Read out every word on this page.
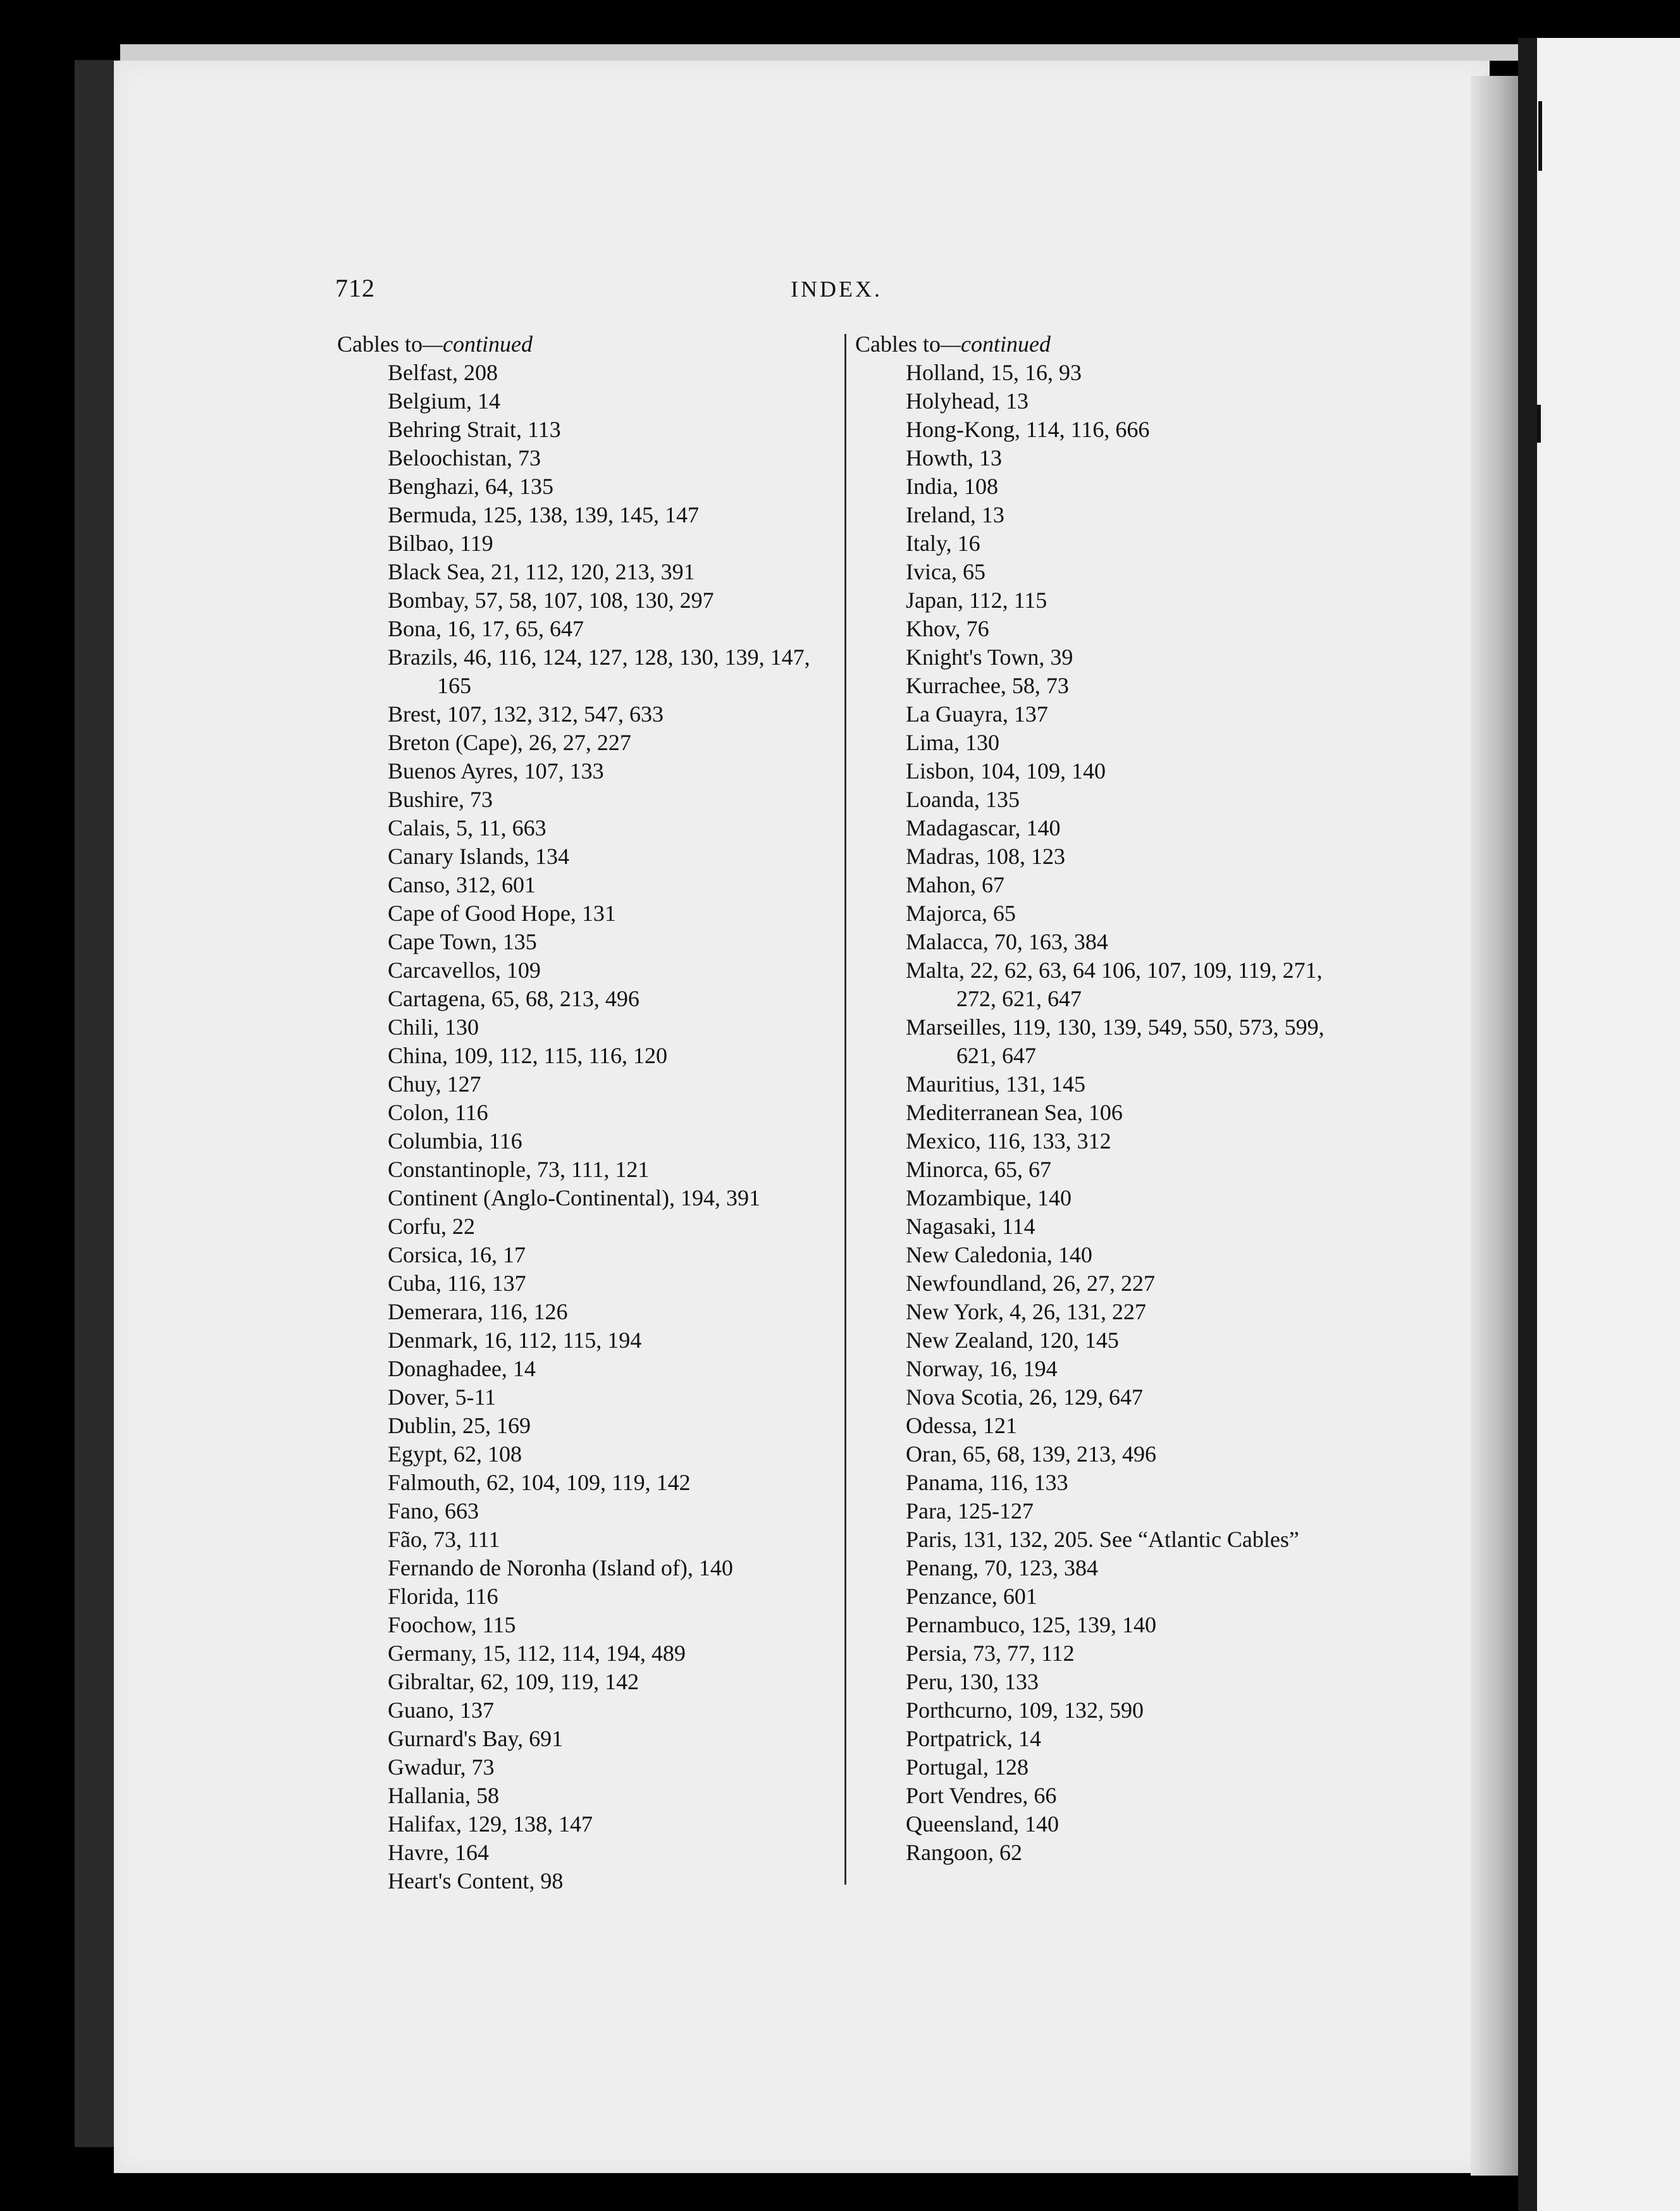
712	INDEX.
Cables to—continued
Belfast, 208
Belgium, 14
Behring Strait, 113
Beloochistan, 73
Benghazi, 64, 135
Bermuda, 125, 138, 139, 145, 147
Bilbao, 119
Black Sea, 21, 112, 120, 213, 391
Bombay, 57, 58, 107, 108, 130, 297
Bona, 16, 17, 65, 647
Brazils, 46, 116, 124, 127, 128, 130, 139, 147, 165
Brest, 107, 132, 312, 547, 633
Breton (Cape), 26, 27, 227
Buenos Ayres, 107, 133
Bushire, 73
Calais, 5, 11, 663
Canary Islands, 134
Canso, 312, 601
Cape of Good Hope, 131
Cape Town, 135
Carcavellos, 109
Cartagena, 65, 68, 213, 496
Chili, 130
China, 109, 112, 115, 116, 120
Chuy, 127
Colon, 116
Columbia, 116
Constantinople, 73, 111, 121
Continent (Anglo-Continental), 194, 391
Corfu, 22
Corsica, 16, 17
Cuba, 116, 137
Demerara, 116, 126
Denmark, 16, 112, 115, 194
Donaghadee, 14
Dover, 5-11
Dublin, 25, 169
Egypt, 62, 108
Falmouth, 62, 104, 109, 119, 142
Fano, 663
Fão, 73, 111
Fernando de Noronha (Island of), 140
Florida, 116
Foochow, 115
Germany, 15, 112, 114, 194, 489
Gibraltar, 62, 109, 119, 142
Guano, 137
Gurnard's Bay, 691
Gwadur, 73
Hallania, 58
Halifax, 129, 138, 147
Havre, 164
Heart's Content, 98
Cables to—continued
Holland, 15, 16, 93
Holyhead, 13
Hong-Kong, 114, 116, 666
Howth, 13
India, 108
Ireland, 13
Italy, 16
Ivica, 65
Japan, 112, 115
Khov, 76
Knight's Town, 39
Kurrachee, 58, 73
La Guayra, 137
Lima, 130
Lisbon, 104, 109, 140
Loanda, 135
Madagascar, 140
Madras, 108, 123
Mahon, 67
Majorca, 65
Malacca, 70, 163, 384
Malta, 22, 62, 63, 64 106, 107, 109, 119, 271, 272, 621, 647
Marseilles, 119, 130, 139, 549, 550, 573, 599, 621, 647
Mauritius, 131, 145
Mediterranean Sea, 106
Mexico, 116, 133, 312
Minorca, 65, 67
Mozambique, 140
Nagasaki, 114
New Caledonia, 140
Newfoundland, 26, 27, 227
New York, 4, 26, 131, 227
New Zealand, 120, 145
Norway, 16, 194
Nova Scotia, 26, 129, 647
Odessa, 121
Oran, 65, 68, 139, 213, 496
Panama, 116, 133
Para, 125-127
Paris, 131, 132, 205. See “Atlantic Cables”
Penang, 70, 123, 384
Penzance, 601
Pernambuco, 125, 139, 140
Persia, 73, 77, 112
Peru, 130, 133
Porthcurno, 109, 132, 590
Portpatrick, 14
Portugal, 128
Port Vendres, 66
Queensland, 140
Rangoon, 62
